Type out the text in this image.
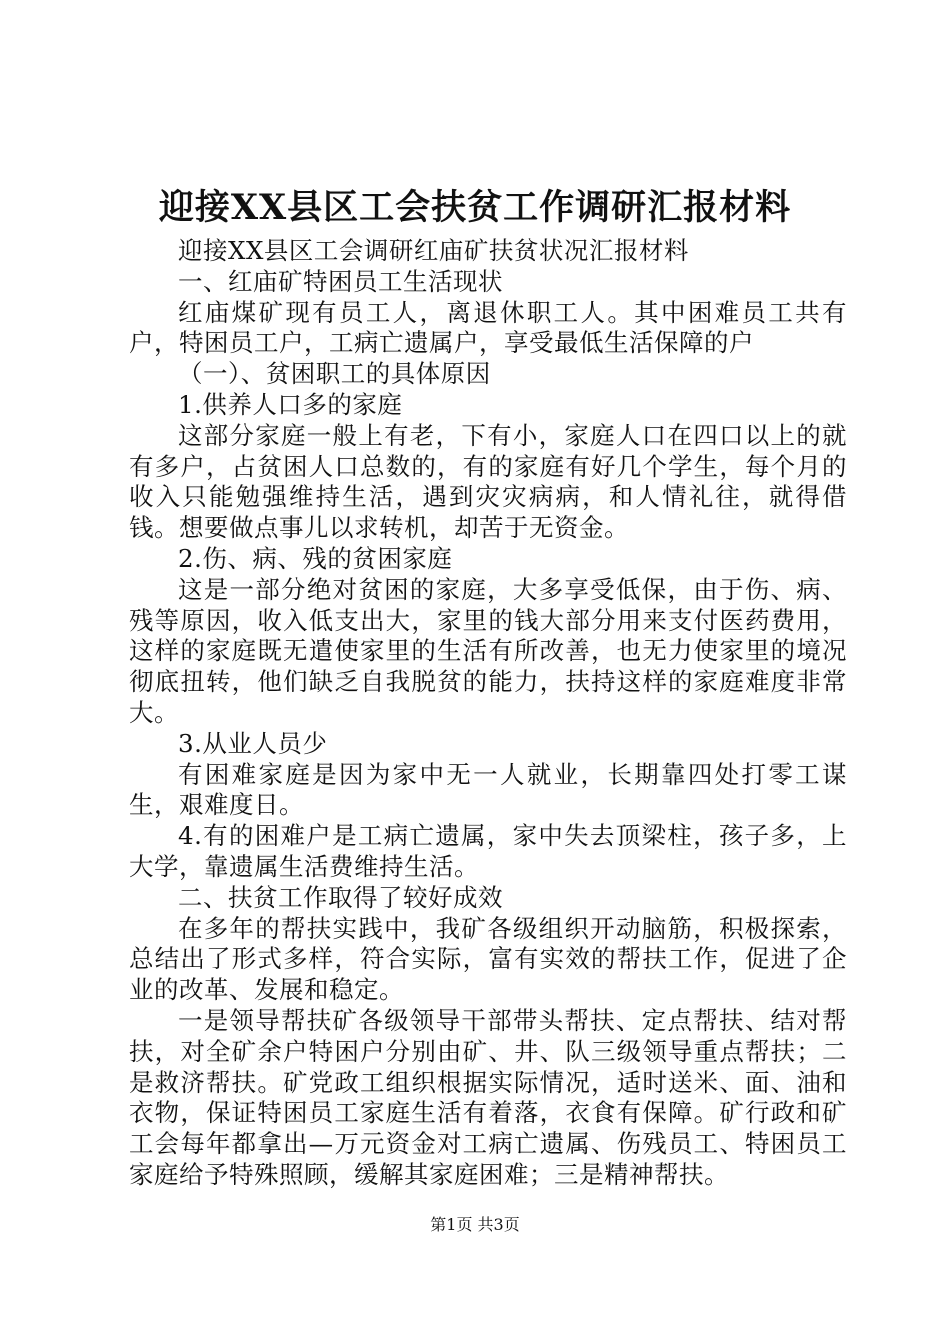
迎接XX县区工会扶贫工作调研汇报材料

迎接XX县区工会调研红庙矿扶贫状况汇报材料

一、红庙矿特困员工生活现状

红庙煤矿现有员工人，离退休职工人。其中困难员工共有户，特困员工户，工病亡遗属户，享受最低生活保障的户

（一）、贫困职工的具体原因

1.供养人口多的家庭

这部分家庭一般上有老，下有小，家庭人口在四口以上的就有多户，占贫困人口总数的，有的家庭有好几个学生，每个月的收入只能勉强维持生活，遇到灾灾病病，和人情礼往，就得借钱。想要做点事儿以求转机，却苦于无资金。

2.伤、病、残的贫困家庭

这是一部分绝对贫困的家庭，大多享受低保，由于伤、病、残等原因，收入低支出大，家里的钱大部分用来支付医药费用，这样的家庭既无遣使家里的生活有所改善，也无力使家里的境况彻底扭转，他们缺乏自我脱贫的能力，扶持这样的家庭难度非常大。

3.从业人员少

有困难家庭是因为家中无一人就业，长期靠四处打零工谋生，艰难度日。

4.有的困难户是工病亡遗属，家中失去顶梁柱，孩子多，上大学，靠遗属生活费维持生活。

二、扶贫工作取得了较好成效

在多年的帮扶实践中，我矿各级组织开动脑筋，积极探索，总结出了形式多样，符合实际，富有实效的帮扶工作，促进了企业的改革、发展和稳定。

一是领导帮扶矿各级领导干部带头帮扶、定点帮扶、结对帮扶，对全矿余户特困户分别由矿、井、队三级领导重点帮扶；二是救济帮扶。矿党政工组织根据实际情况，适时送米、面、油和衣物，保证特困员工家庭生活有着落，衣食有保障。矿行政和矿工会每年都拿出—万元资金对工病亡遗属、伤残员工、特困员工家庭给予特殊照顾，缓解其家庭困难；三是精神帮扶。

第1页 共3页
